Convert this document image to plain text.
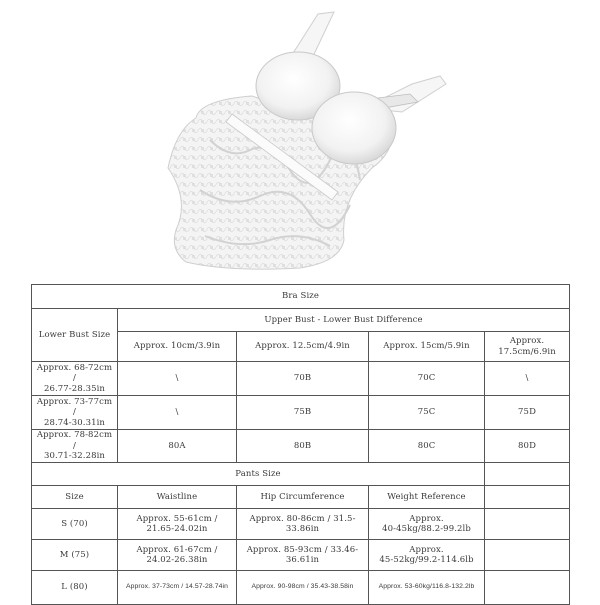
Bra Size				
Lower Bust Size	Upper Bust - Lower Bust Difference			
	Approx. 10cm/3.9in	Approx. 12.5cm/4.9in	Approx. 15cm/5.9in	Approx.
17.5cm/6.9in
Approx. 68-72cm /
26.77-28.35in	\	70B	70C	\
Approx. 73-77cm /
28.74-30.31in	\	75B	75C	75D
Approx. 78-82cm /
30.71-32.28in	80A	80B	80C	80D
Pants Size				
Size	Waistline	Hip Circumference	Weight Reference	
S (70)	Approx. 55-61cm /
21.65-24.02in	Approx. 80-86cm / 31.5-33.86in	Approx.
40-45kg/88.2-99.2lb	
M (75)	Approx. 61-67cm /
24.02-26.38in	Approx. 85-93cm / 33.46-36.61in	Approx.
45-52kg/99.2-114.6lb	
L (80)	Approx. 37-73cm / 14.57-28.74in	Approx. 90-98cm / 35.43-38.58in	Approx. 53-60kg/116.8-132.2lb	
